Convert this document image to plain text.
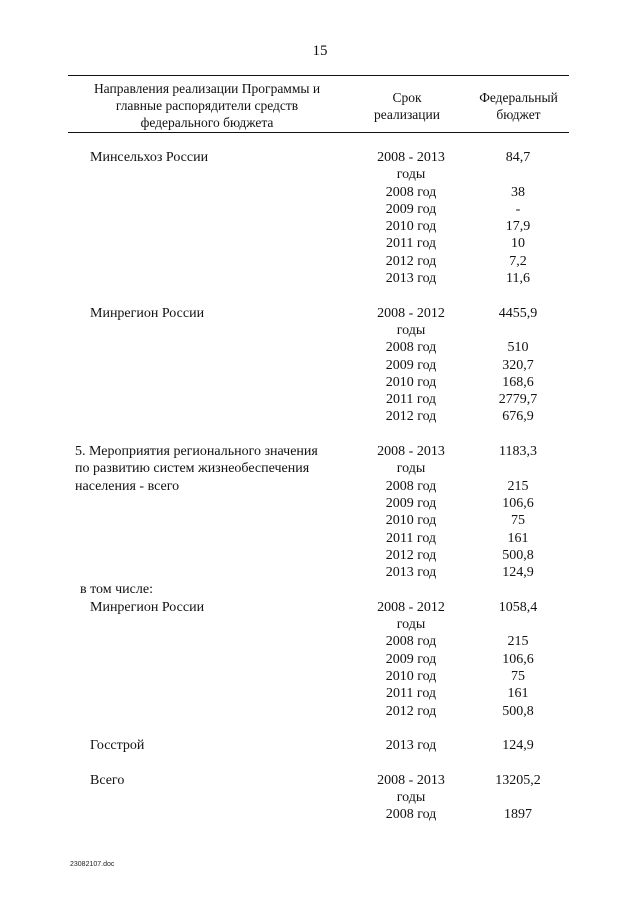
15
Направления реализации Программы и
главные распорядители средств
федерального бюджета
Срок
реализации
Федеральный
бюджет
Минсельхоз России	2008 - 2013	84,7
годы
2008 год	38
2009 год	-
2010 год	17,9
2011 год	10
2012 год	7,2
2013 год	11,6
Минрегион России	2008 - 2012	4455,9
годы
2008 год	510
2009 год	320,7
2010 год	168,6
2011 год	2779,7
2012 год	676,9
5. Мероприятия регионального значения	2008 - 2013	1183,3
по развитию систем жизнеобеспечения	годы
населения - всего	2008 год	215
2009 год	106,6
2010 год	75
2011 год	161
2012 год	500,8
2013 год	124,9
в том числе:
Минрегион России	2008 - 2012	1058,4
годы
2008 год	215
2009 год	106,6
2010 год	75
2011 год	161
2012 год	500,8
Госстрой	2013 год	124,9
Всего	2008 - 2013	13205,2
годы
2008 год	1897
23082107.doc
